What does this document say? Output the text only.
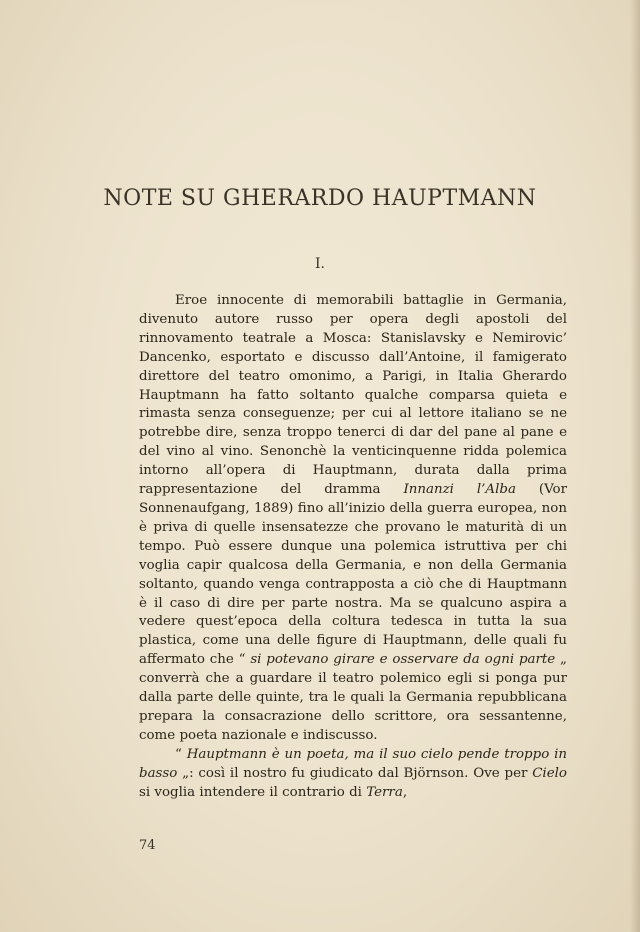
NOTE SU GHERARDO HAUPTMANN
I.

Eroe innocente di memorabili battaglie in Germania, divenuto autore russo per opera degli apostoli del rinnovamento teatrale a Mosca: Stanislavsky e Nemirovic’ Dancenko, esportato e discusso dall’Antoine, il famigerato direttore del teatro omonimo, a Parigi, in Italia Gherardo Hauptmann ha fatto soltanto qualche comparsa quieta e rimasta senza conseguenze; per cui al lettore italiano se ne potrebbe dire, senza troppo tenerci di dar del pane al pane e del vino al vino. Senonchè la venticinquenne ridda polemica intorno all’opera di Hauptmann, durata dalla prima rappresentazione del dramma Innanzi l’Alba (Vor Sonnenaufgang, 1889) fino all’inizio della guerra europea, non è priva di quelle insensatezze che provano le maturità di un tempo. Può essere dunque una polemica istruttiva per chi voglia capir qualcosa della Germania, e non della Germania soltanto, quando venga contrapposta a ciò che di Hauptmann è il caso di dire per parte nostra. Ma se qualcuno aspira a vedere quest’epoca della coltura tedesca in tutta la sua plastica, come una delle figure di Hauptmann, delle quali fu affermato che “ si potevano girare e osservare da ogni parte „ converrà che a guardare il teatro polemico egli si ponga pur dalla parte delle quinte, tra le quali la Germania repubblicana prepara la consacrazione dello scrittore, ora sessantenne, come poeta nazionale e indiscusso.

“ Hauptmann è un poeta, ma il suo cielo pende troppo in basso „: così il nostro fu giudicato dal Björnson. Ove per Cielo si voglia intendere il contrario di Terra,

74
